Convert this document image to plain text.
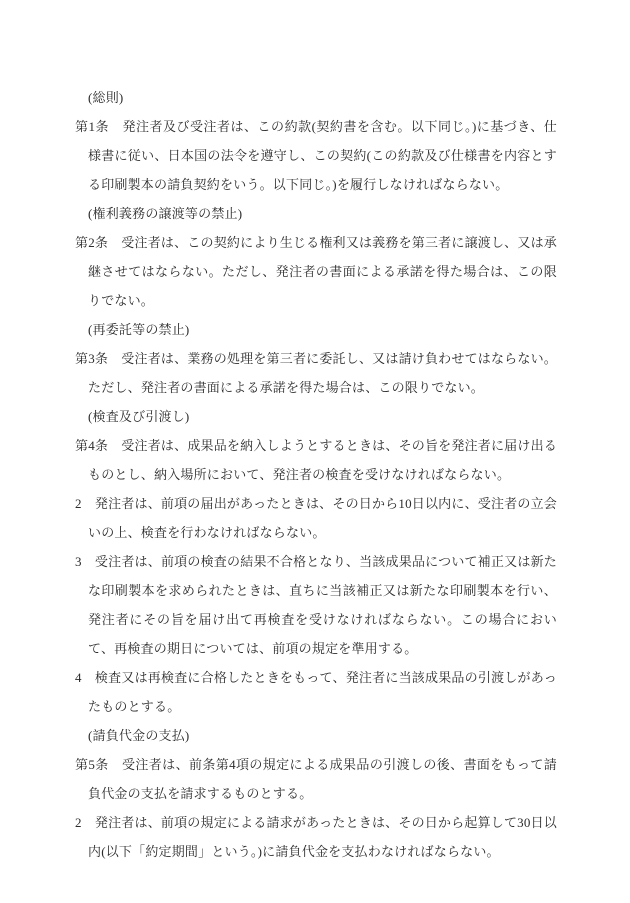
(総則)

第1条　発注者及び受注者は、この約款(契約書を含む。以下同じ。)に基づき、仕様書に従い、日本国の法令を遵守し、この契約(この約款及び仕様書を内容とする印刷製本の請負契約をいう。以下同じ。)を履行しなければならない。

(権利義務の譲渡等の禁止)

第2条　受注者は、この契約により生じる権利又は義務を第三者に譲渡し、又は承継させてはならない。ただし、発注者の書面による承諾を得た場合は、この限りでない。

(再委託等の禁止)

第3条　受注者は、業務の処理を第三者に委託し、又は請け負わせてはならない。ただし、発注者の書面による承諾を得た場合は、この限りでない。

(検査及び引渡し)

第4条　受注者は、成果品を納入しようとするときは、その旨を発注者に届け出るものとし、納入場所において、発注者の検査を受けなければならない。

2　発注者は、前項の届出があったときは、その日から10日以内に、受注者の立会いの上、検査を行わなければならない。

3　受注者は、前項の検査の結果不合格となり、当該成果品について補正又は新たな印刷製本を求められたときは、直ちに当該補正又は新たな印刷製本を行い、発注者にその旨を届け出て再検査を受けなければならない。この場合において、再検査の期日については、前項の規定を準用する。

4　検査又は再検査に合格したときをもって、発注者に当該成果品の引渡しがあったものとする。

(請負代金の支払)

第5条　受注者は、前条第4項の規定による成果品の引渡しの後、書面をもって請負代金の支払を請求するものとする。

2　発注者は、前項の規定による請求があったときは、その日から起算して30日以内(以下「約定期間」という。)に請負代金を支払わなければならない。
